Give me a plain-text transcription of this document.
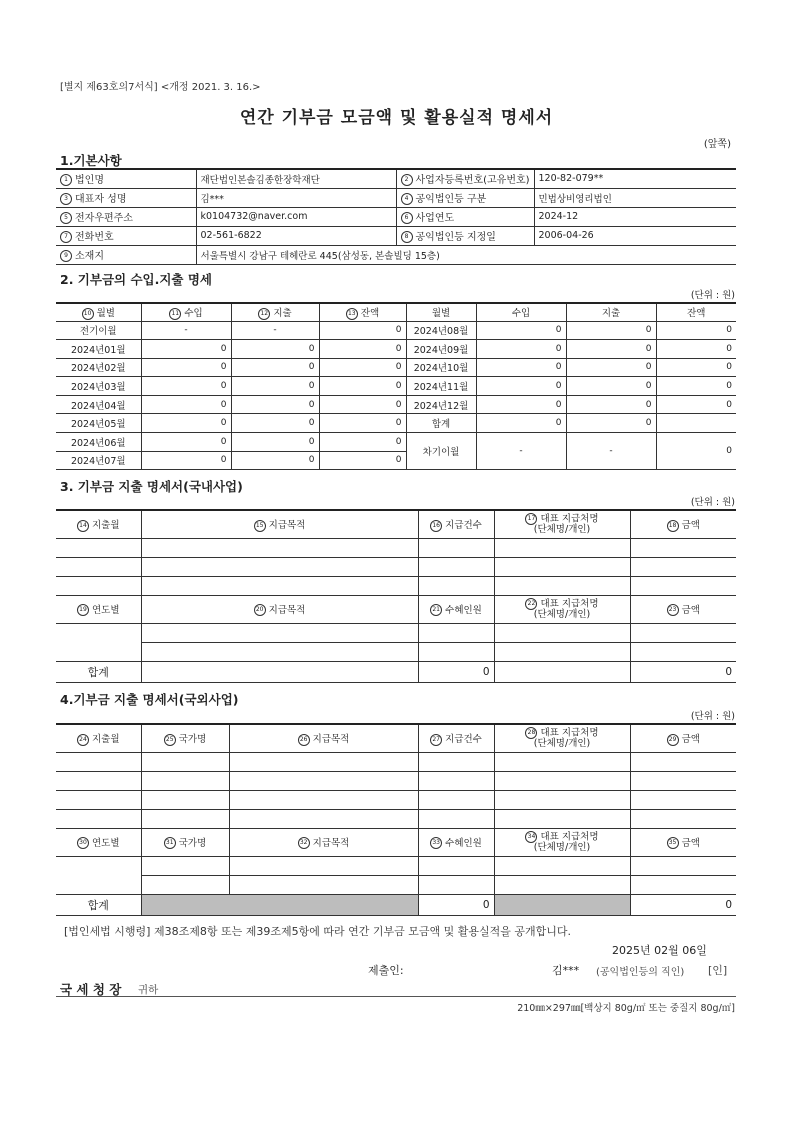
[별지 제63호의7서식] <개정 2021. 3. 16.>
연간 기부금 모금액 및 활용실적 명세서
(앞쪽)
1.기본사항
1 법인명	재단법인본솔김종한장학재단	2 사업자등록번호(고유번호)	120-82-079**
3 대표자 성명	김***	4 공익법인등 구분	민법상비영리법인
5 전자우편주소	k0104732@naver.com	6 사업연도	2024-12
7 전화번호	02-561-6822	8 공익법인등 지정일	2006-04-26
9 소재지	서울특별시 강남구 테헤란로 445(삼성동, 본솔빌딩 15층)		
2. 기부금의 수입.지출 명세
(단위 : 원)
10 월별	11 수입	12 지출	13 잔액	월별	수입	지출	잔액
전기이월	-	-	0	2024년08월	0	0	0
2024년01월	0	0	0	2024년09월	0	0	0
2024년02월	0	0	0	2024년10월	0	0	0
2024년03월	0	0	0	2024년11월	0	0	0
2024년04월	0	0	0	2024년12월	0	0	0
2024년05월	0	0	0	합계	0	0	
2024년06월	0	0	0	차기이월	-	-	0
2024년07월	0	0	0				
3. 기부금 지출 명세서(국내사업)
(단위 : 원)
14 지출월	15 지급목적	16 지급건수	17 대표 지급처명
(단체명/개인)	18 금액

19 연도별	20 지급목적	21 수혜인원	22 대표 지급처명
(단체명/개인)	23 금액

합계		0		0
4.기부금 지출 명세서(국외사업)
(단위 : 원)
24 지출월	25 국가명	26 지급목적	27 지급건수	28 대표 지급처명
(단체명/개인)	29 금액

30 연도별	31 국가명	32 지급목적	33 수혜인원	34 대표 지급처명
(단체명/개인)	35 금액

합계			0		0
[법인세법 시행령] 제38조제8항 또는 제39조제5항에 따라 연간 기부금 모금액 및 활용실적을 공개합니다.
2025년 02월 06일
제출인:	김*** (공익법인등의 직인) [인]
국 세 청 장 귀하
210㎜×297㎜[백상지 80g/㎡ 또는 중질지 80g/㎡]
